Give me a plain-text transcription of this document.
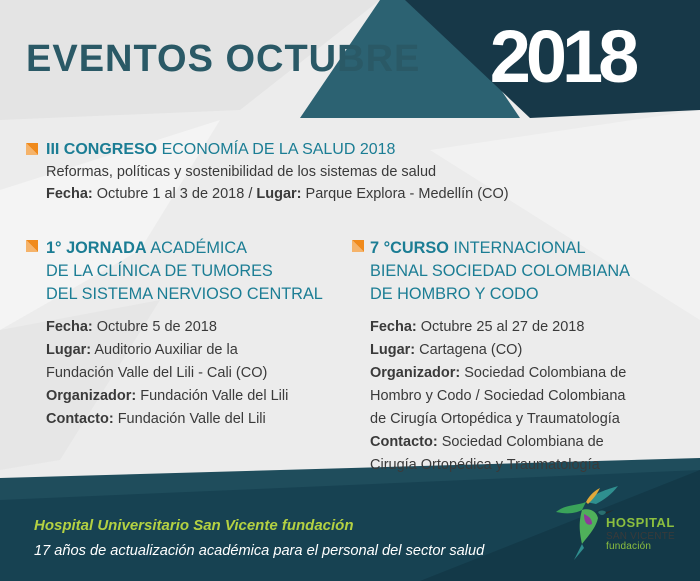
EVENTOS OCTUBRE 2018
III CONGRESO ECONOMÍA DE LA SALUD 2018
Reformas, políticas y sostenibilidad de los sistemas de salud
Fecha: Octubre 1 al 3 de 2018 / Lugar: Parque Explora - Medellín (CO)
1° JORNADA ACADÉMICA
DE LA CLÍNICA DE TUMORES
DEL SISTEMA NERVIOSO CENTRAL
Fecha: Octubre 5 de 2018
Lugar: Auditorio Auxiliar de la
Fundación Valle del Lili - Cali (CO)
Organizador: Fundación Valle del Lili
Contacto: Fundación Valle del Lili
7 °CURSO INTERNACIONAL
BIENAL SOCIEDAD COLOMBIANA
DE HOMBRO Y CODO
Fecha: Octubre 25 al 27 de 2018
Lugar: Cartagena (CO)
Organizador: Sociedad Colombiana de
Hombro y Codo / Sociedad Colombiana
de Cirugía Ortopédica y Traumatología
Contacto: Sociedad Colombiana de
Cirugía Ortopédica y Traumatología
Hospital Universitario San Vicente fundación
17 años de actualización académica para el personal del sector salud
HOSPITAL
SAN VICENTE
fundación
